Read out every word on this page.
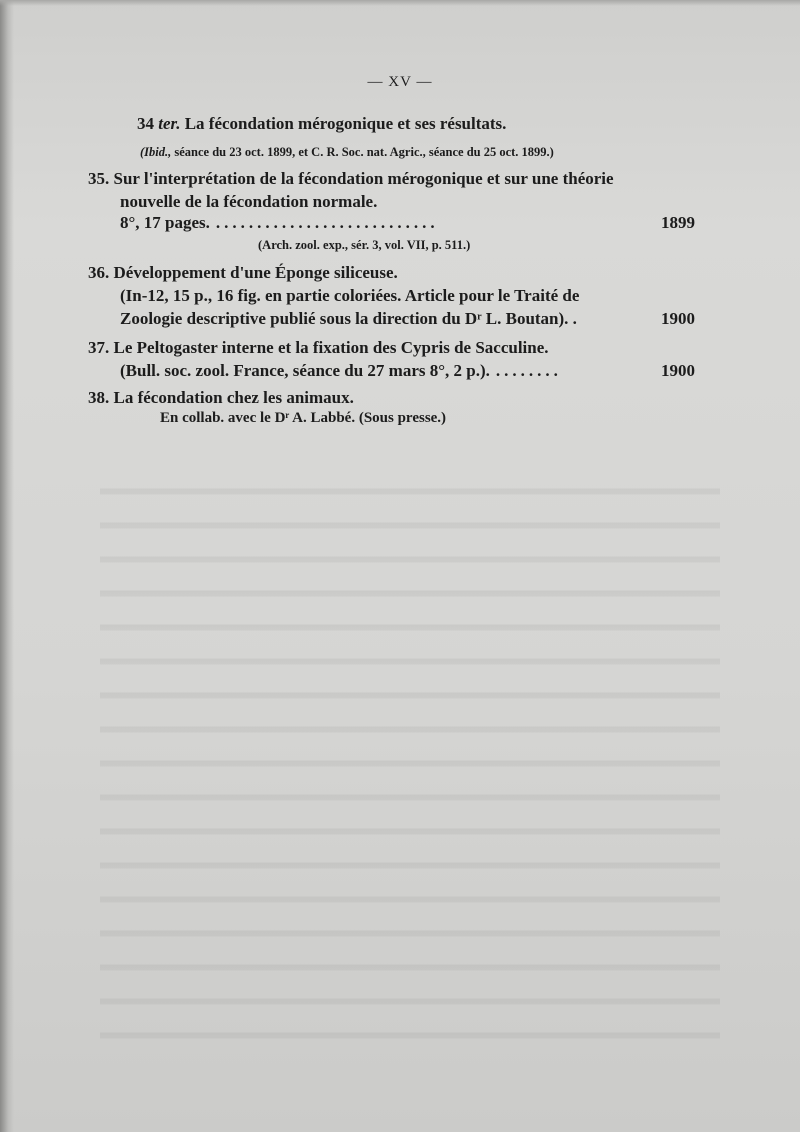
— XV —
34 ter. La fécondation mérogonique et ses résultats.
(Ibid., séance du 23 oct. 1899, et C. R. Soc. nat. Agric., séance du 25 oct. 1899.)
35. Sur l'interprétation de la fécondation mérogonique et sur une théorie
nouvelle de la fécondation normale.
8°, 17 pages. ...........................	1899
(Arch. zool. exp., sér. 3, vol. VII, p. 511.)
36. Développement d'une Éponge siliceuse.
(In-12, 15 p., 16 fig. en partie coloriées. Article pour le Traité de
Zoologie descriptive publié sous la direction du Dʳ L. Boutan). .	1900
37. Le Peltogaster interne et la fixation des Cypris de Sacculine.
(Bull. soc. zool. France, séance du 27 mars 8°, 2 p.). ........	1900
38. La fécondation chez les animaux.
En collab. avec le Dʳ A. Labbé. (Sous presse.)
